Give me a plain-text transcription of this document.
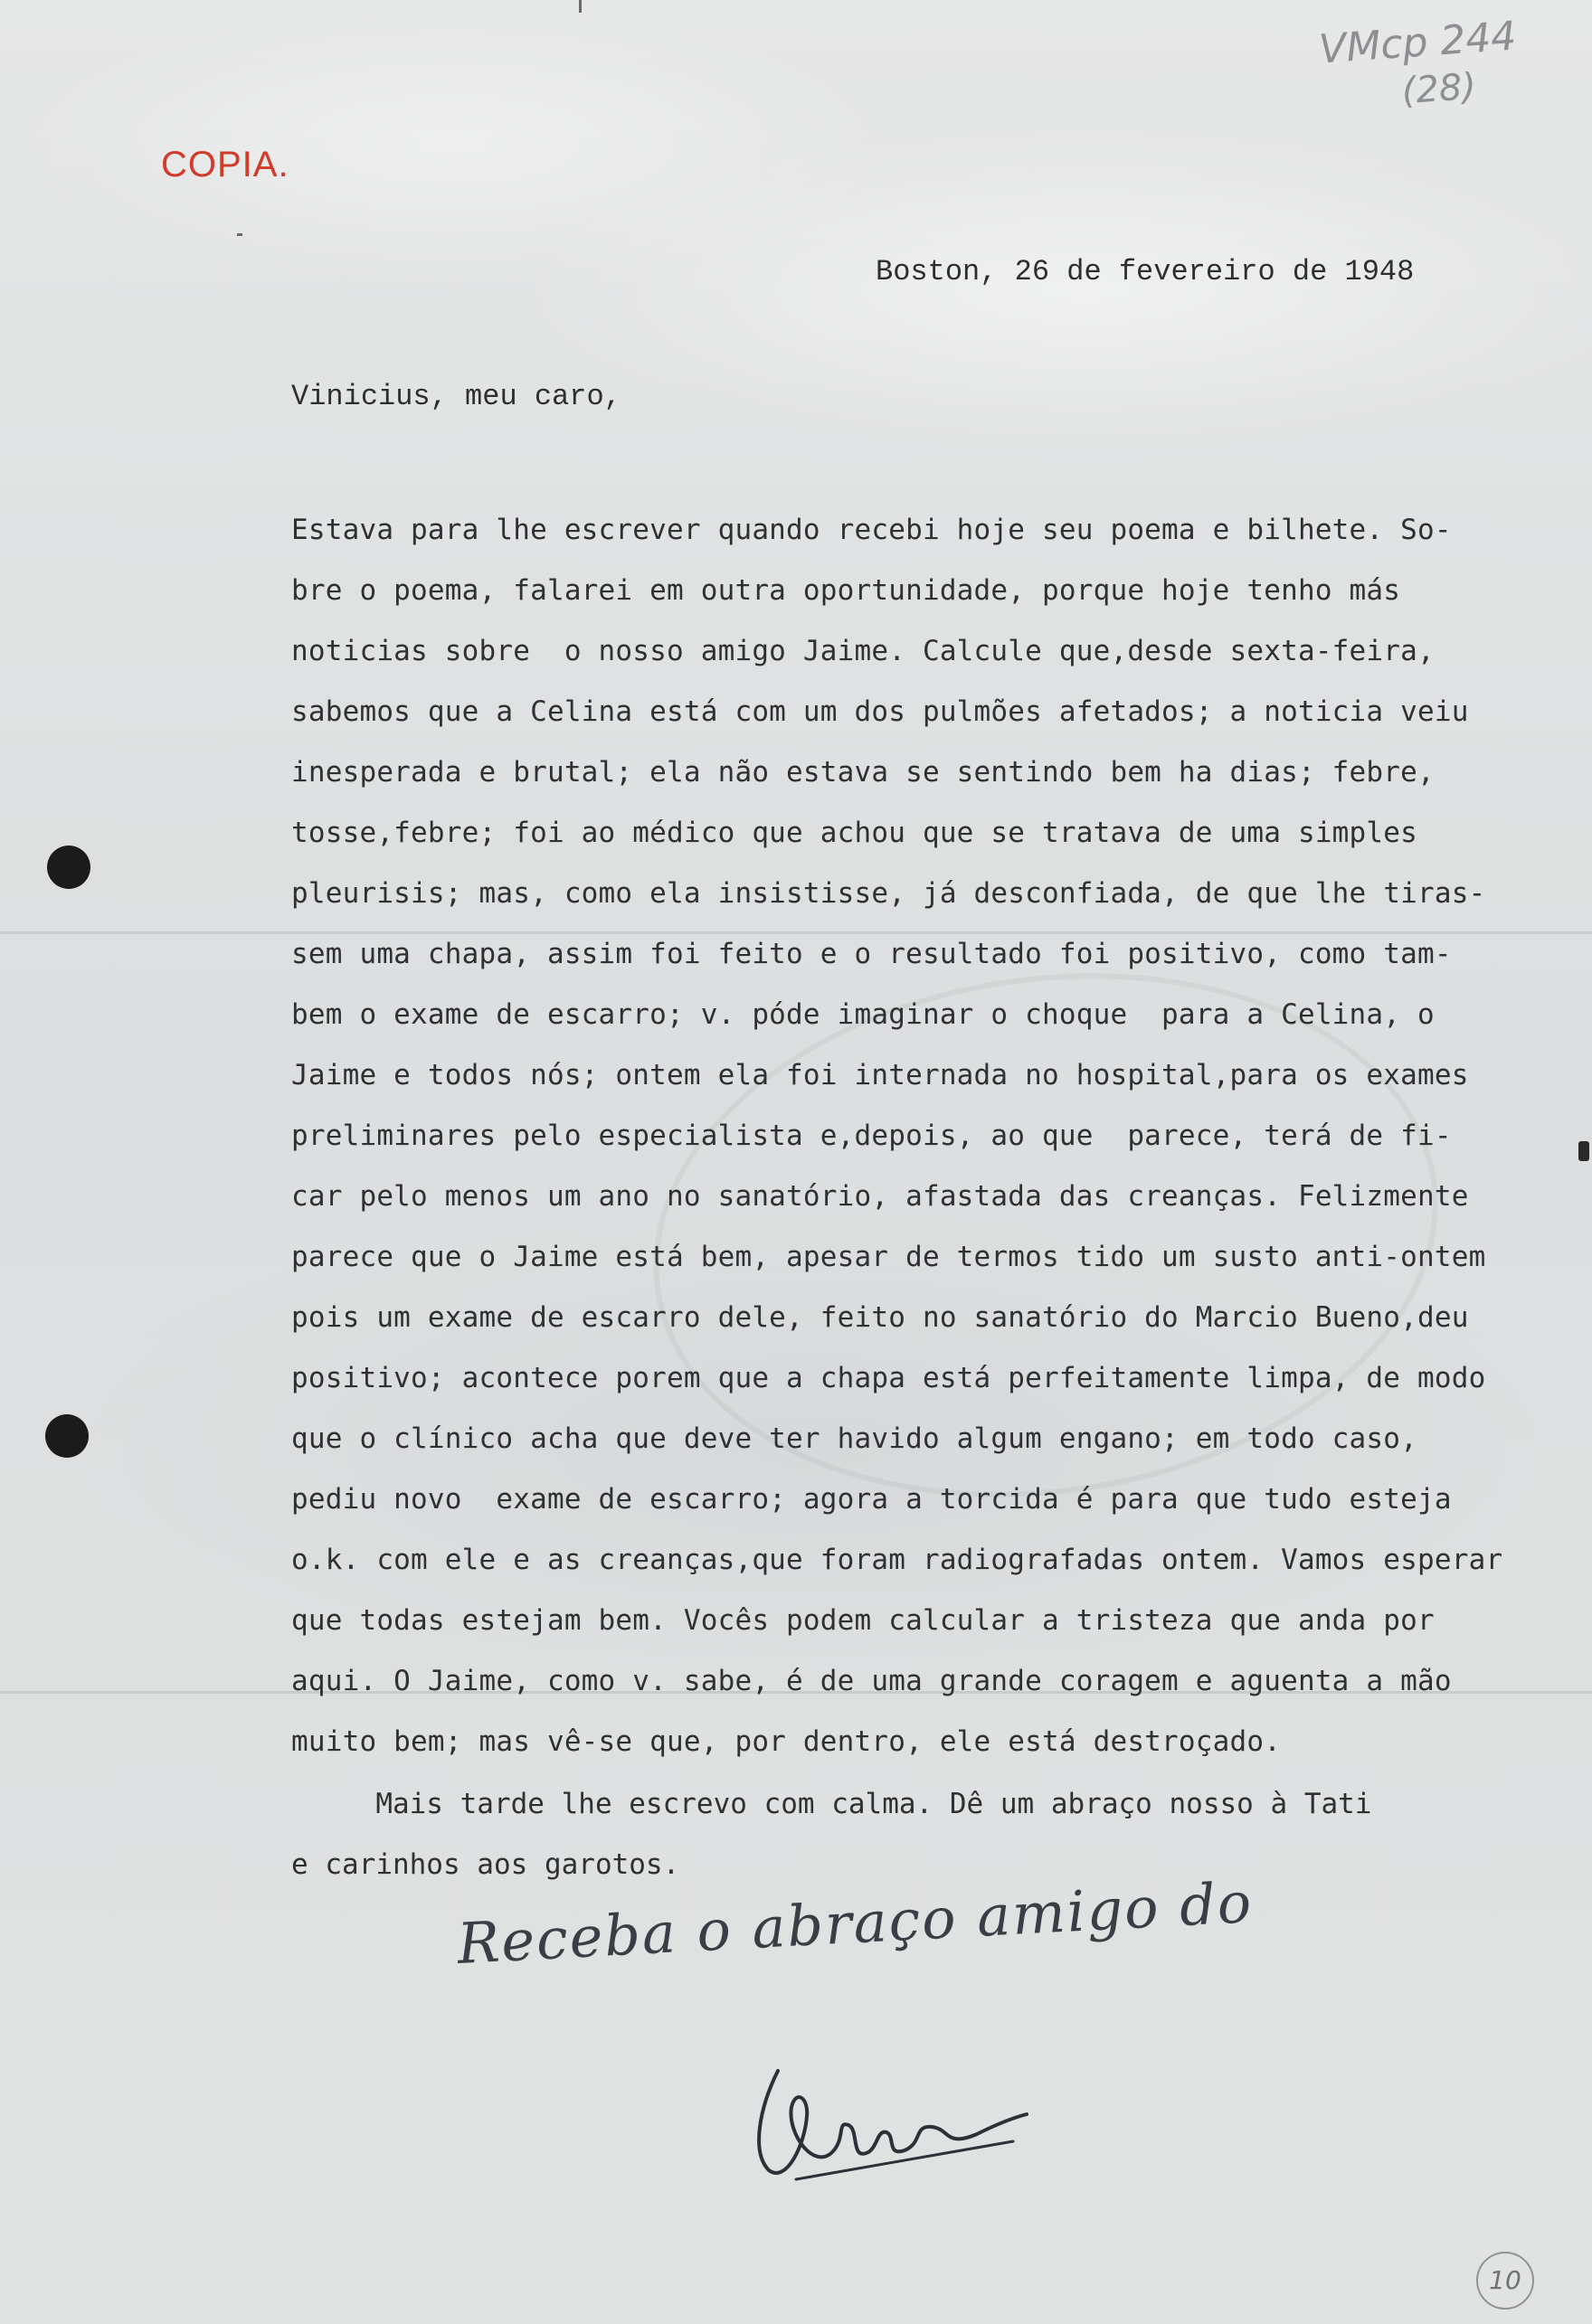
COPIA.
VMcp 244
(28)
Boston, 26 de fevereiro de 1948
Vinicius, meu caro,
Estava para lhe escrever quando recebi hoje seu poema e bilhete. So-
bre o poema, falarei em outra oportunidade, porque hoje tenho más
noticias sobre  o nosso amigo Jaime. Calcule que,desde sexta-feira,
sabemos que a Celina está com um dos pulmões afetados; a noticia veiu
inesperada e brutal; ela não estava se sentindo bem ha dias; febre,
tosse,febre; foi ao médico que achou que se tratava de uma simples
pleurisis; mas, como ela insistisse, já desconfiada, de que lhe tiras-
sem uma chapa, assim foi feito e o resultado foi positivo, como tam-
bem o exame de escarro; v. póde imaginar o choque  para a Celina, o
Jaime e todos nós; ontem ela foi internada no hospital,para os exames
preliminares pelo especialista e,depois, ao que  parece, terá de fi-
car pelo menos um ano no sanatório, afastada das creanças. Felizmente
parece que o Jaime está bem, apesar de termos tido um susto anti-ontem
pois um exame de escarro dele, feito no sanatório do Marcio Bueno,deu
positivo; acontece porem que a chapa está perfeitamente limpa, de modo
que o clínico acha que deve ter havido algum engano; em todo caso,
pediu novo  exame de escarro; agora a torcida é para que tudo esteja
o.k. com ele e as creanças,que foram radiografadas ontem. Vamos esperar
que todas estejam bem. Vocês podem calcular a tristeza que anda por
aqui. O Jaime, como v. sabe, é de uma grande coragem e aguenta a mão
muito bem; mas vê-se que, por dentro, ele está destroçado.
Mais tarde lhe escrevo com calma. Dê um abraço nosso à Tati
e carinhos aos garotos.
Receba o abraço amigo do
10
